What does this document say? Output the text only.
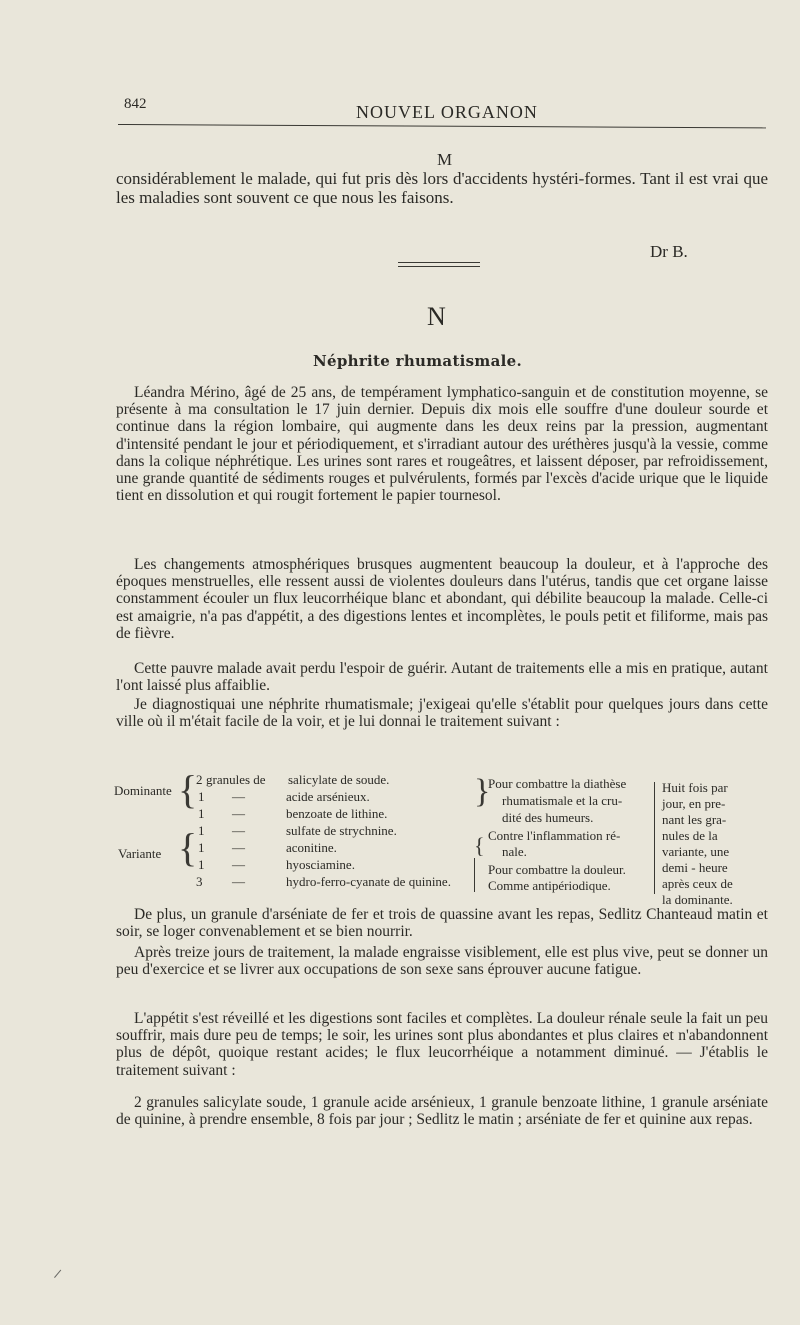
842	NOUVEL ORGANON
M

considérablement le malade, qui fut pris dès lors d'accidents hystéri-formes. Tant il est vrai que les maladies sont souvent ce que nous les faisons.

Dr B.
N
Néphrite rhumatismale.

Léandra Mérino, âgé de 25 ans, de tempérament lymphatico-sanguin et de constitution moyenne, se présente à ma consultation le 17 juin dernier. Depuis dix mois elle souffre d'une douleur sourde et continue dans la région lombaire, qui augmente dans les deux reins par la pression, augmentant d'intensité pendant le jour et périodiquement, et s'irradiant autour des uréthères jusqu'à la vessie, comme dans la colique néphrétique. Les urines sont rares et rougeâtres, et laissent déposer, par refroidissement, une grande quantité de sédiments rouges et pulvérulents, formés par l'excès d'acide urique que le liquide tient en dissolution et qui rougit fortement le papier tournesol.

Les changements atmosphériques brusques augmentent beaucoup la douleur, et à l'approche des époques menstruelles, elle ressent aussi de violentes douleurs dans l'utérus, tandis que cet organe laisse constamment écouler un flux leucorrhéique blanc et abondant, qui débilite beaucoup la malade. Celle-ci est amaigrie, n'a pas d'appétit, a des digestions lentes et incomplètes, le pouls petit et filiforme, mais pas de fièvre.

Cette pauvre malade avait perdu l'espoir de guérir. Autant de traitements elle a mis en pratique, autant l'ont laissé plus affaiblie.

Je diagnostiquai une néphrite rhumatismale; j'exigeai qu'elle s'établit pour quelques jours dans cette ville où il m'était facile de la voir, et je lui donnai le traitement suivant :

Dominante
Variante
{
{
2 granules de salicylate de soude.
1 —	acide arsénieux.
1 —	benzoate de lithine.
1 —	sulfate de strychnine.
1 —	aconitine.
1 —	hyosciamine.
3 —	hydro-ferro-cyanate de quinine.
}
{
Pour combattre la diathèse
rhumatismale et la cru-
dité des humeurs.
Contre l'inflammation ré-
nale.
Pour combattre la douleur.
Comme antipériodique.
Huit fois par
jour, en pre-
nant les gra-
nules de la
variante, une
demi - heure
après ceux de
la dominante.

De plus, un granule d'arséniate de fer et trois de quassine avant les repas, Sedlitz Chanteaud matin et soir, se loger convenablement et se bien nourrir.

Après treize jours de traitement, la malade engraisse visiblement, elle est plus vive, peut se donner un peu d'exercice et se livrer aux occupations de son sexe sans éprouver aucune fatigue.

L'appétit s'est réveillé et les digestions sont faciles et complètes. La douleur rénale seule la fait un peu souffrir, mais dure peu de temps; le soir, les urines sont plus abondantes et plus claires et n'abandonnent plus de dépôt, quoique restant acides; le flux leucorrhéique a notamment diminué. — J'établis le traitement suivant :

2 granules salicylate soude, 1 granule acide arsénieux, 1 granule benzoate lithine, 1 granule arséniate de quinine, à prendre ensemble, 8 fois par jour ; Sedlitz le matin ; arséniate de fer et quinine aux repas.
